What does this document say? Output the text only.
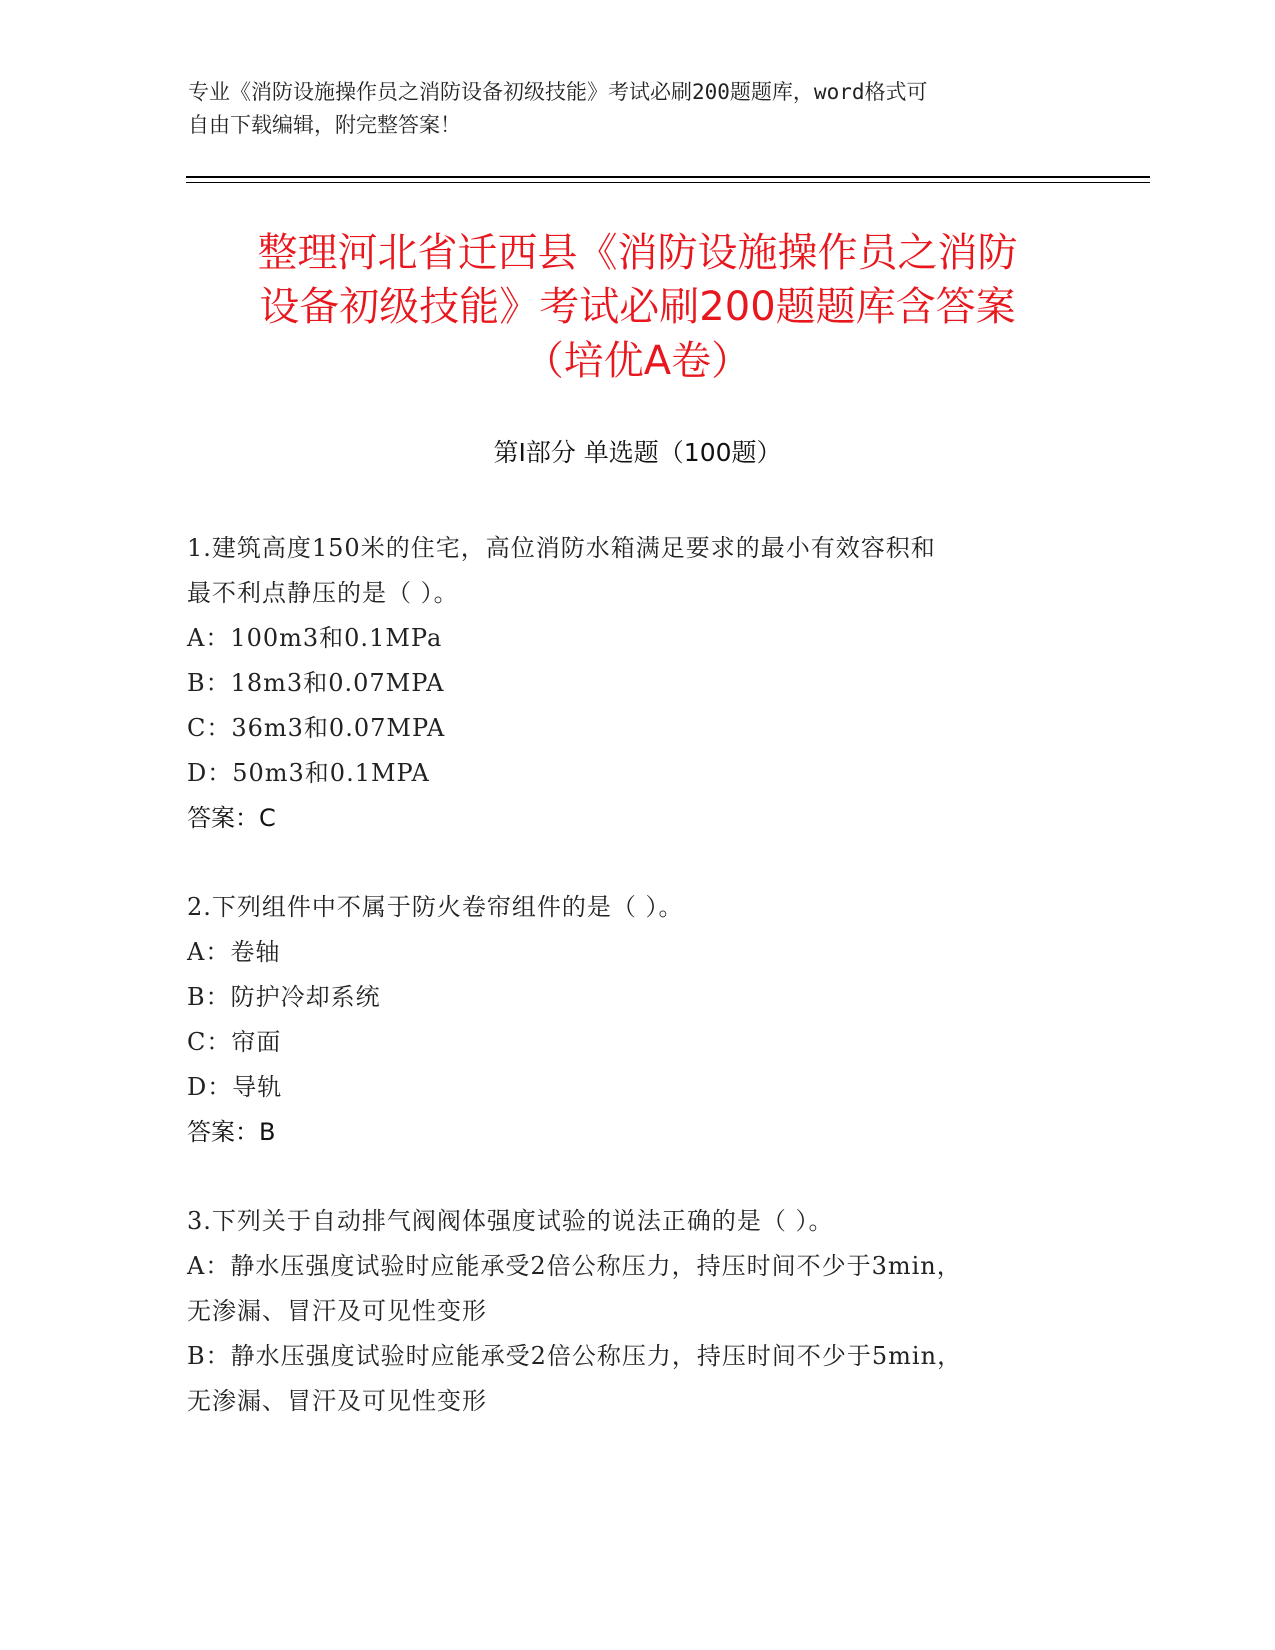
专业《消防设施操作员之消防设备初级技能》考试必刷200题题库，word格式可
自由下载编辑，附完整答案！
整理河北省迁西县《消防设施操作员之消防
设备初级技能》考试必刷200题题库含答案
（培优A卷）
第I部分 单选题（100题）

1.建筑高度150米的住宅，高位消防水箱满足要求的最小有效容积和

最不利点静压的是（ ）。

A：100m3和0.1MPa

B：18m3和0.07MPA

C：36m3和0.07MPA

D：50m3和0.1MPA

答案：C

2.下列组件中不属于防火卷帘组件的是（ ）。

A：卷轴

B：防护冷却系统

C：帘面

D：导轨

答案：B

3.下列关于自动排气阀阀体强度试验的说法正确的是（ ）。

A：静水压强度试验时应能承受2倍公称压力，持压时间不少于3min，

无渗漏、冒汗及可见性变形

B：静水压强度试验时应能承受2倍公称压力，持压时间不少于5min，

无渗漏、冒汗及可见性变形
